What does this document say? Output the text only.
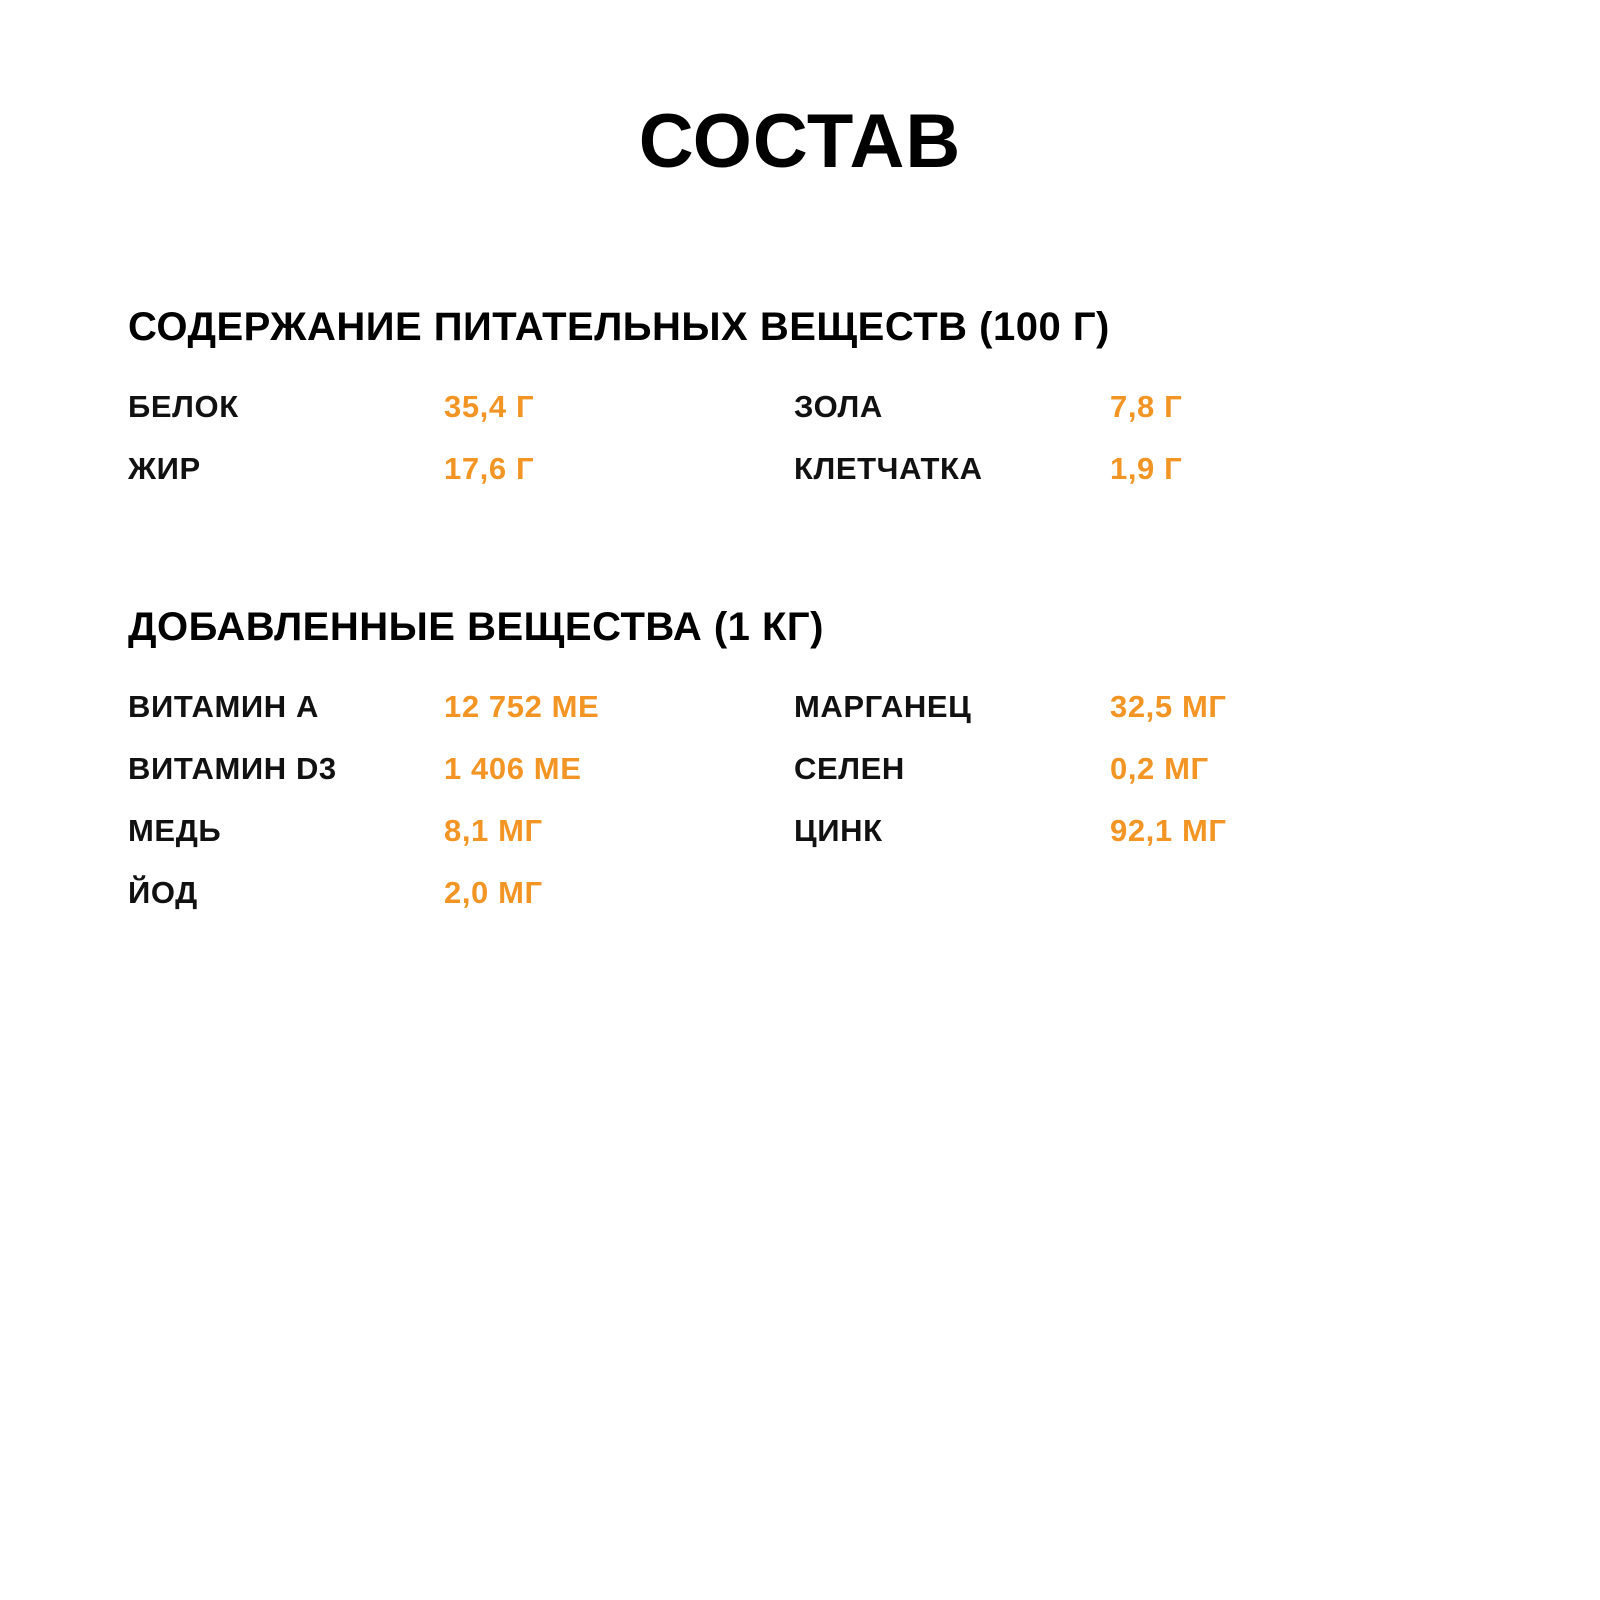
СОСТАВ
СОДЕРЖАНИЕ ПИТАТЕЛЬНЫХ ВЕЩЕСТВ (100 Г)
БЕЛОК	35,4 Г	ЗОЛА	7,8 Г
ЖИР	17,6 Г	КЛЕТЧАТКА	1,9 Г
ДОБАВЛЕННЫЕ ВЕЩЕСТВА (1 КГ)
ВИТАМИН А	12 752 МЕ	МАРГАНЕЦ	32,5 МГ
ВИТАМИН D3	1 406 МЕ	СЕЛЕН	0,2 МГ
МЕДЬ	8,1 МГ	ЦИНК	92,1 МГ
ЙОД	2,0 МГ
